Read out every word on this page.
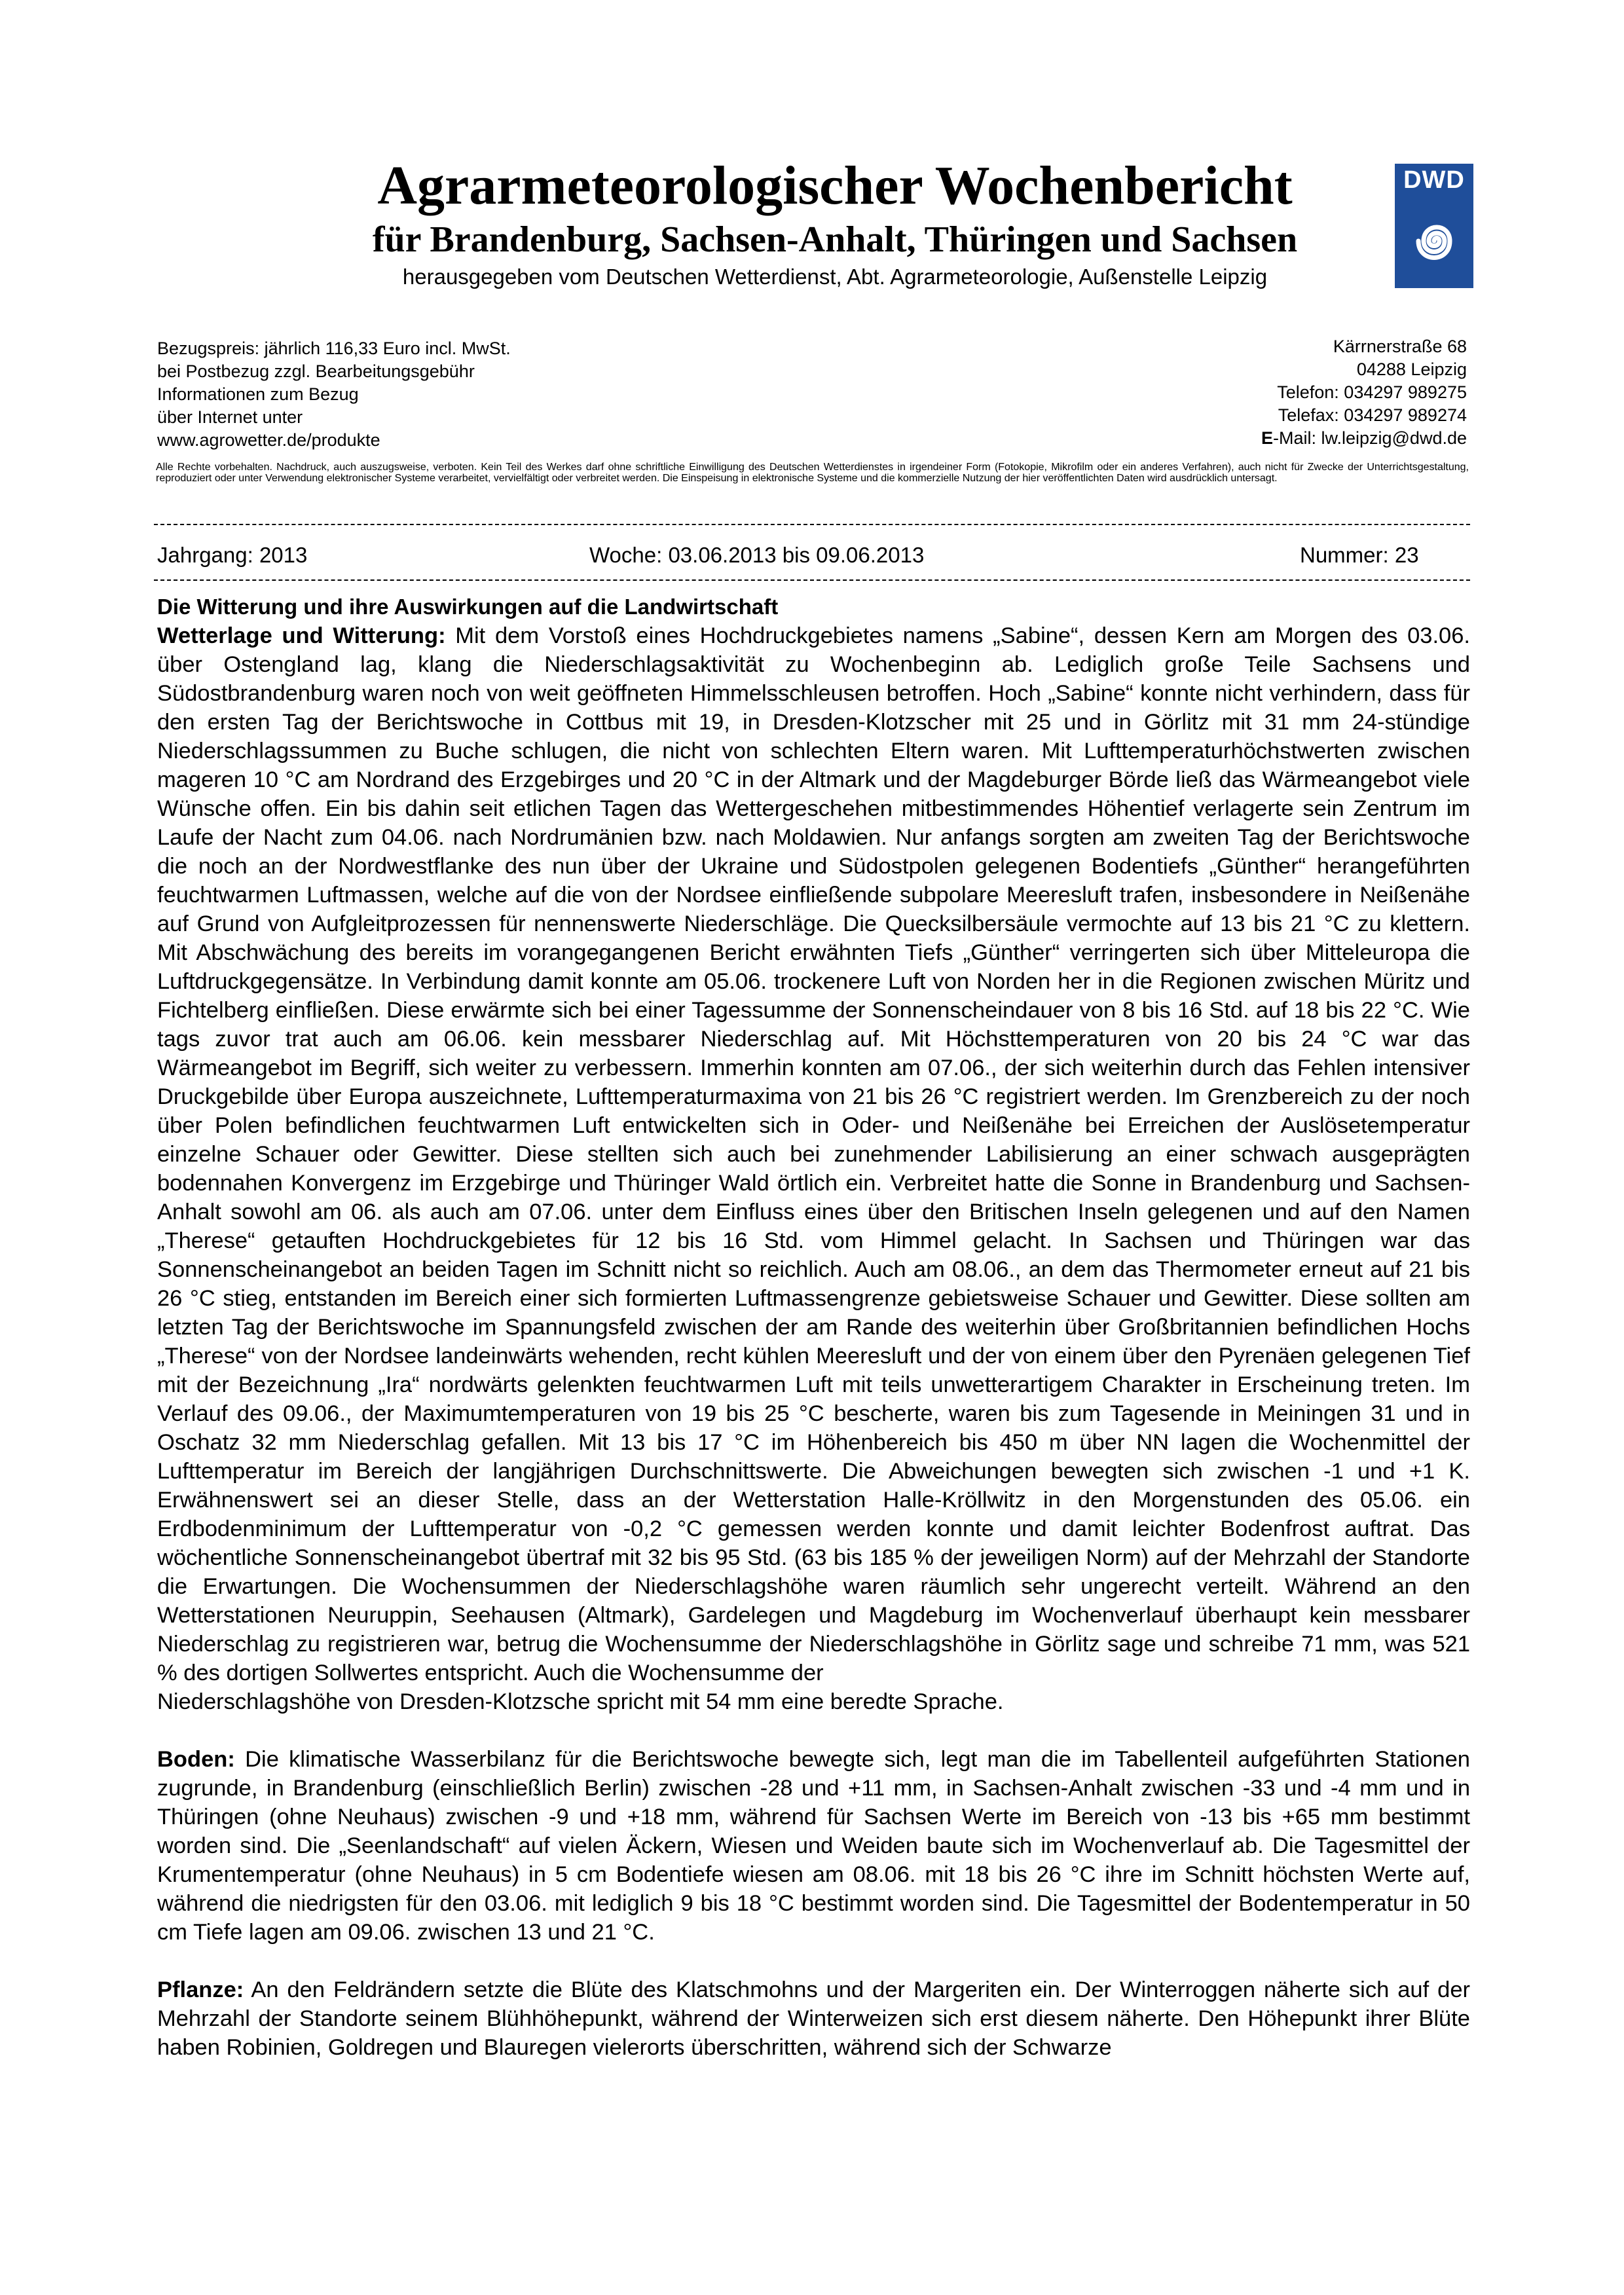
Agrarmeteorologischer Wochenbericht
für Brandenburg, Sachsen-Anhalt, Thüringen und Sachsen
herausgegeben vom Deutschen Wetterdienst, Abt. Agrarmeteorologie, Außenstelle Leipzig
DWD
Bezugspreis: jährlich 116,33 Euro incl. MwSt.
bei Postbezug zzgl. Bearbeitungsgebühr
Informationen zum Bezug
über Internet unter
www.agrowetter.de/produkte
Kärrnerstraße 68
04288 Leipzig
Telefon: 034297 989275
Telefax: 034297 989274
E-Mail: lw.leipzig@dwd.de
Alle Rechte vorbehalten. Nachdruck, auch auszugsweise, verboten. Kein Teil des Werkes darf ohne schriftliche Einwilligung des Deutschen Wetterdienstes in irgendeiner Form (Fotokopie, Mikrofilm oder ein anderes Verfahren), auch nicht für Zwecke der Unterrichtsgestaltung, reproduziert oder unter Verwendung elektronischer Systeme verarbeitet, vervielfältigt oder verbreitet werden. Die Einspeisung in elektronische Systeme und die kommerzielle Nutzung der hier veröffentlichten Daten wird ausdrücklich untersagt.
Jahrgang: 2013	Woche: 03.06.2013 bis 09.06.2013	Nummer: 23

Die Witterung und ihre Auswirkungen auf die Landwirtschaft

Wetterlage und Witterung: Mit dem Vorstoß eines Hochdruckgebietes namens „Sabine“, dessen Kern am Morgen des 03.06. über Ostengland lag, klang die Niederschlagsaktivität zu Wochenbeginn ab. Lediglich große Teile Sachsens und Südostbrandenburg waren noch von weit geöffneten Himmelsschleusen betroffen. Hoch „Sabine“ konnte nicht verhindern, dass für den ersten Tag der Berichtswoche in Cottbus mit 19, in Dresden-Klotzscher mit 25 und in Görlitz mit 31 mm 24-stündige Niederschlagssummen zu Buche schlugen, die nicht von schlechten Eltern waren. Mit Lufttemperaturhöchstwerten zwischen mageren 10 °C am Nordrand des Erzgebirges und 20 °C in der Altmark und der Magdeburger Börde ließ das Wärmeangebot viele Wünsche offen. Ein bis dahin seit etlichen Tagen das Wettergeschehen mitbestimmendes Höhentief verlagerte sein Zentrum im Laufe der Nacht zum 04.06. nach Nordrumänien bzw. nach Moldawien. Nur anfangs sorgten am zweiten Tag der Berichtswoche die noch an der Nordwestflanke des nun über der Ukraine und Südostpolen gelegenen Bodentiefs „Günther“ herangeführten feuchtwarmen Luftmassen, welche auf die von der Nordsee einfließende subpolare Meeresluft trafen, insbesondere in Neißenähe auf Grund von Aufgleitprozessen für nennenswerte Niederschläge. Die Quecksilbersäule vermochte auf 13 bis 21 °C zu klettern. Mit Abschwächung des bereits im vorangegangenen Bericht erwähnten Tiefs „Günther“ verringerten sich über Mitteleuropa die Luftdruckgegensätze. In Verbindung damit konnte am 05.06. trockenere Luft von Norden her in die Regionen zwischen Müritz und Fichtelberg einfließen. Diese erwärmte sich bei einer Tagessumme der Sonnenscheindauer von 8 bis 16 Std. auf 18 bis 22 °C. Wie tags zuvor trat auch am 06.06. kein messbarer Niederschlag auf. Mit Höchsttemperaturen von 20 bis 24 °C war das Wärmeangebot im Begriff, sich weiter zu verbessern. Immerhin konnten am 07.06., der sich weiterhin durch das Fehlen intensiver Druckgebilde über Europa auszeichnete, Lufttemperaturmaxima von 21 bis 26 °C registriert werden. Im Grenzbereich zu der noch über Polen befindlichen feuchtwarmen Luft entwickelten sich in Oder- und Neißenähe bei Erreichen der Auslösetemperatur einzelne Schauer oder Gewitter. Diese stellten sich auch bei zunehmender Labilisierung an einer schwach ausgeprägten bodennahen Konvergenz im Erzgebirge und Thüringer Wald örtlich ein. Verbreitet hatte die Sonne in Brandenburg und Sachsen-Anhalt sowohl am 06. als auch am 07.06. unter dem Einfluss eines über den Britischen Inseln gelegenen und auf den Namen „Therese“ getauften Hochdruckgebietes für 12 bis 16 Std. vom Himmel gelacht. In Sachsen und Thüringen war das Sonnenscheinangebot an beiden Tagen im Schnitt nicht so reichlich. Auch am 08.06., an dem das Thermometer erneut auf 21 bis 26 °C stieg, entstanden im Bereich einer sich formierten Luftmassengrenze gebietsweise Schauer und Gewitter. Diese sollten am letzten Tag der Berichtswoche im Spannungsfeld zwischen der am Rande des weiterhin über Großbritannien befindlichen Hochs „Therese“ von der Nordsee landeinwärts wehenden, recht kühlen Meeresluft und der von einem über den Pyrenäen gelegenen Tief mit der Bezeichnung „Ira“ nordwärts gelenkten feuchtwarmen Luft mit teils unwetterartigem Charakter in Erscheinung treten. Im Verlauf des 09.06., der Maximumtemperaturen von 19 bis 25 °C bescherte, waren bis zum Tagesende in Meiningen 31 und in Oschatz 32 mm Niederschlag gefallen. Mit 13 bis 17 °C im Höhenbereich bis 450 m über NN lagen die Wochenmittel der Lufttemperatur im Bereich der langjährigen Durchschnittswerte. Die Abweichungen bewegten sich zwischen -1 und +1 K. Erwähnenswert sei an dieser Stelle, dass an der Wetterstation Halle-Kröllwitz in den Morgenstunden des 05.06. ein Erdbodenminimum der Lufttemperatur von -0,2 °C gemessen werden konnte und damit leichter Bodenfrost auftrat. Das wöchentliche Sonnenscheinangebot übertraf mit 32 bis 95 Std. (63 bis 185 % der jeweiligen Norm) auf der Mehrzahl der Standorte die Erwartungen. Die Wochensummen der Niederschlagshöhe waren räumlich sehr ungerecht verteilt. Während an den Wetterstationen Neuruppin, Seehausen (Altmark), Gardelegen und Magdeburg im Wochenverlauf überhaupt kein messbarer Niederschlag zu registrieren war, betrug die Wochensumme der Niederschlagshöhe in Görlitz sage und schreibe 71 mm, was 521 % des dortigen Sollwertes entspricht. Auch die Wochensumme der

Niederschlagshöhe von Dresden-Klotzsche spricht mit 54 mm eine beredte Sprache.

Boden: Die klimatische Wasserbilanz für die Berichtswoche bewegte sich, legt man die im Tabellenteil aufgeführten Stationen zugrunde, in Brandenburg (einschließlich Berlin) zwischen -28 und +11 mm, in Sachsen-Anhalt zwischen -33 und -4 mm und in Thüringen (ohne Neuhaus) zwischen -9 und +18 mm, während für Sachsen Werte im Bereich von -13 bis +65 mm bestimmt worden sind. Die „Seenlandschaft“ auf vielen Äckern, Wiesen und Weiden baute sich im Wochenverlauf ab. Die Tagesmittel der Krumentemperatur (ohne Neuhaus) in 5 cm Bodentiefe wiesen am 08.06. mit 18 bis 26 °C ihre im Schnitt höchsten Werte auf, während die niedrigsten für den 03.06. mit lediglich 9 bis 18 °C bestimmt worden sind. Die Tagesmittel der Bodentemperatur in 50 cm Tiefe lagen am 09.06. zwischen 13 und 21 °C.

Pflanze: An den Feldrändern setzte die Blüte des Klatschmohns und der Margeriten ein. Der Winterroggen näherte sich auf der Mehrzahl der Standorte seinem Blühhöhepunkt, während der Winterweizen sich erst diesem näherte. Den Höhepunkt ihrer Blüte haben Robinien, Goldregen und Blauregen vielerorts überschritten, während sich der Schwarze
